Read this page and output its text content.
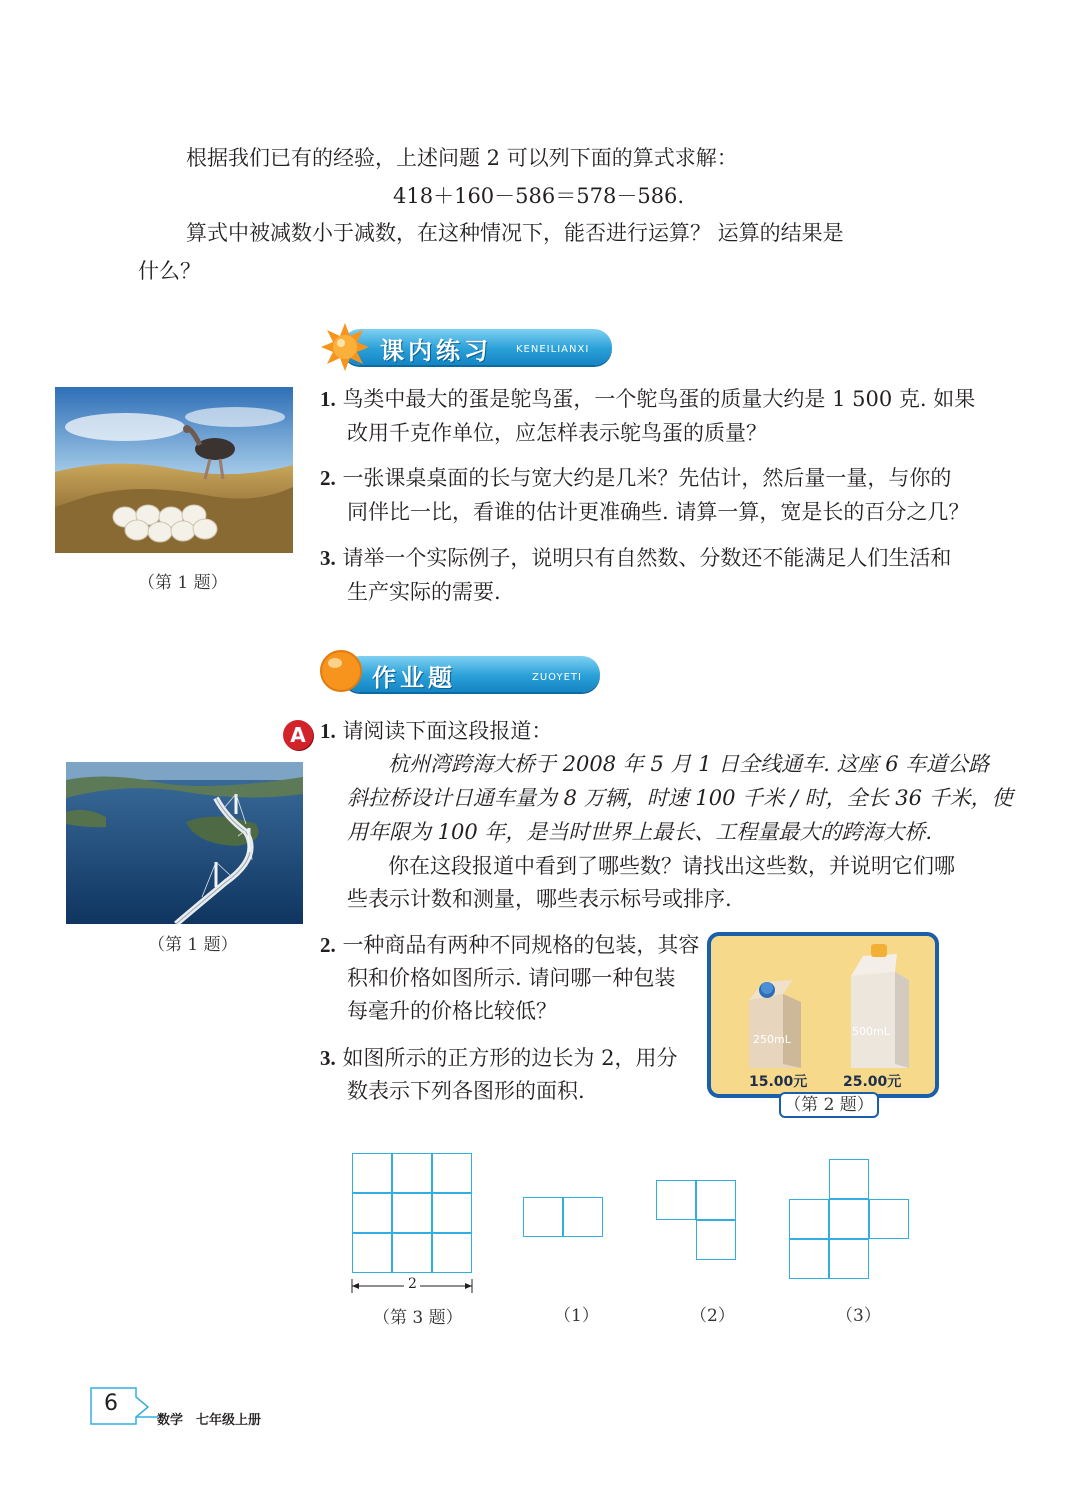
根据我们已有的经验，上述问题 2 可以列下面的算式求解：

418＋160－586＝578－586.

算式中被减数小于减数，在这种情况下，能否进行运算？ 运算的结果是

什么？

课内练习 KENEILIANXI
（第 1 题）

1. 鸟类中最大的蛋是鸵鸟蛋，一个鸵鸟蛋的质量大约是 1 500 克. 如果

改用千克作单位，应怎样表示鸵鸟蛋的质量？

2. 一张课桌桌面的长与宽大约是几米？先估计，然后量一量，与你的

同伴比一比，看谁的估计更准确些. 请算一算，宽是长的百分之几？

3. 请举一个实际例子，说明只有自然数、分数还不能满足人们生活和

生产实际的需要.

作业题	ZUOYETI
A
（第 1 题）

1. 请阅读下面这段报道：

杭州湾跨海大桥于 2008 年 5 月 1 日全线通车. 这座 6 车道公路

斜拉桥设计日通车量为 8 万辆，时速 100 千米 / 时，全长 36 千米，使

用年限为 100 年，是当时世界上最长、工程量最大的跨海大桥.

你在这段报道中看到了哪些数？请找出这些数，并说明它们哪

些表示计数和测量，哪些表示标号或排序.

2. 一种商品有两种不同规格的包装，其容

积和价格如图所示. 请问哪一种包装

每毫升的价格比较低？

3. 如图所示的正方形的边长为 2，用分

数表示下列各图形的面积.

250mL
500mL
15.00元	25.00元
（第 2 题）
2
（第 3 题）	（1）	（2）	（3）
6
数学　七年级上册
